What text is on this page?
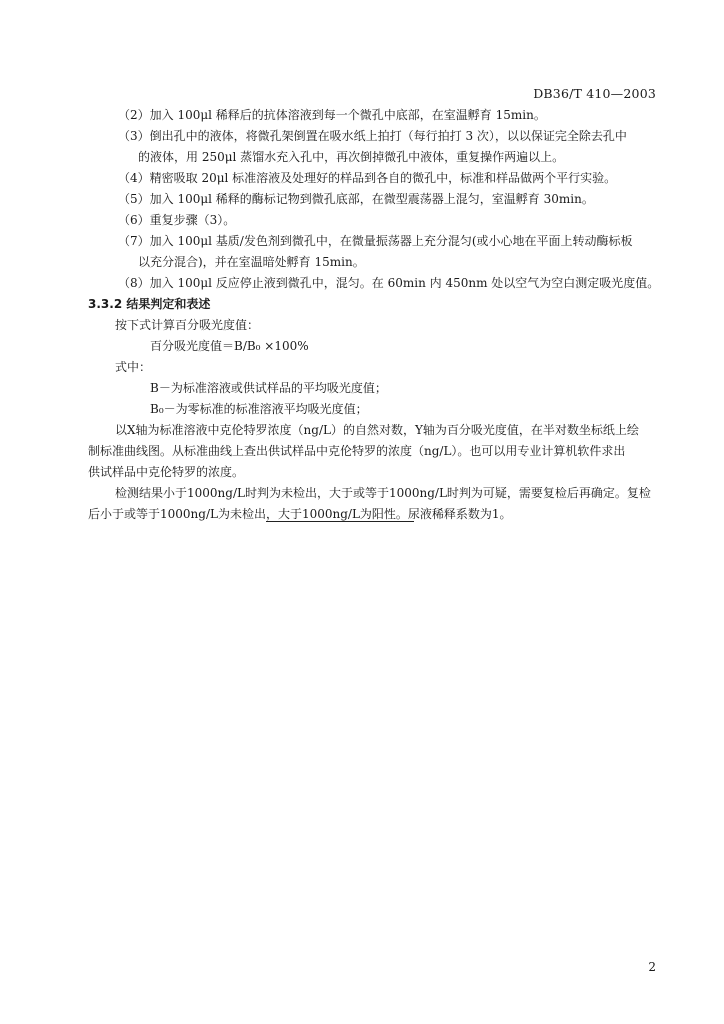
DB36/T 410—2003
（2）加入 100μl 稀释后的抗体溶液到每一个微孔中底部，在室温孵育 15min。
（3）倒出孔中的液体，将微孔架倒置在吸水纸上拍打（每行拍打 3 次），以以保证完全除去孔中
的液体，用 250μl 蒸馏水充入孔中，再次倒掉微孔中液体，重复操作两遍以上。
（4）精密吸取 20μl 标准溶液及处理好的样品到各自的微孔中，标准和样品做两个平行实验。
（5）加入 100μl 稀释的酶标记物到微孔底部，在微型震荡器上混匀，室温孵育 30min。
（6）重复步骤（3）。
（7）加入 100μl 基质/发色剂到微孔中，在微量振荡器上充分混匀(或小心地在平面上转动酶标板
以充分混合)，并在室温暗处孵育 15min。
（8）加入 100μl 反应停止液到微孔中，混匀。在 60min 内 450nm 处以空气为空白测定吸光度值。
3.3.2 结果判定和表述
按下式计算百分吸光度值：
百分吸光度值＝B/B₀ ×100%
式中：
B－为标准溶液或供试样品的平均吸光度值；
B₀－为零标准的标准溶液平均吸光度值；
以X轴为标准溶液中克伦特罗浓度（ng/L）的自然对数，Y轴为百分吸光度值，在半对数坐标纸上绘
制标准曲线图。从标准曲线上查出供试样品中克伦特罗的浓度（ng/L）。也可以用专业计算机软件求出
供试样品中克伦特罗的浓度。
检测结果小于1000ng/L时判为未检出，大于或等于1000ng/L时判为可疑，需要复检后再确定。复检
后小于或等于1000ng/L为未检出，大于1000ng/L为阳性。尿液稀释系数为1。
2
